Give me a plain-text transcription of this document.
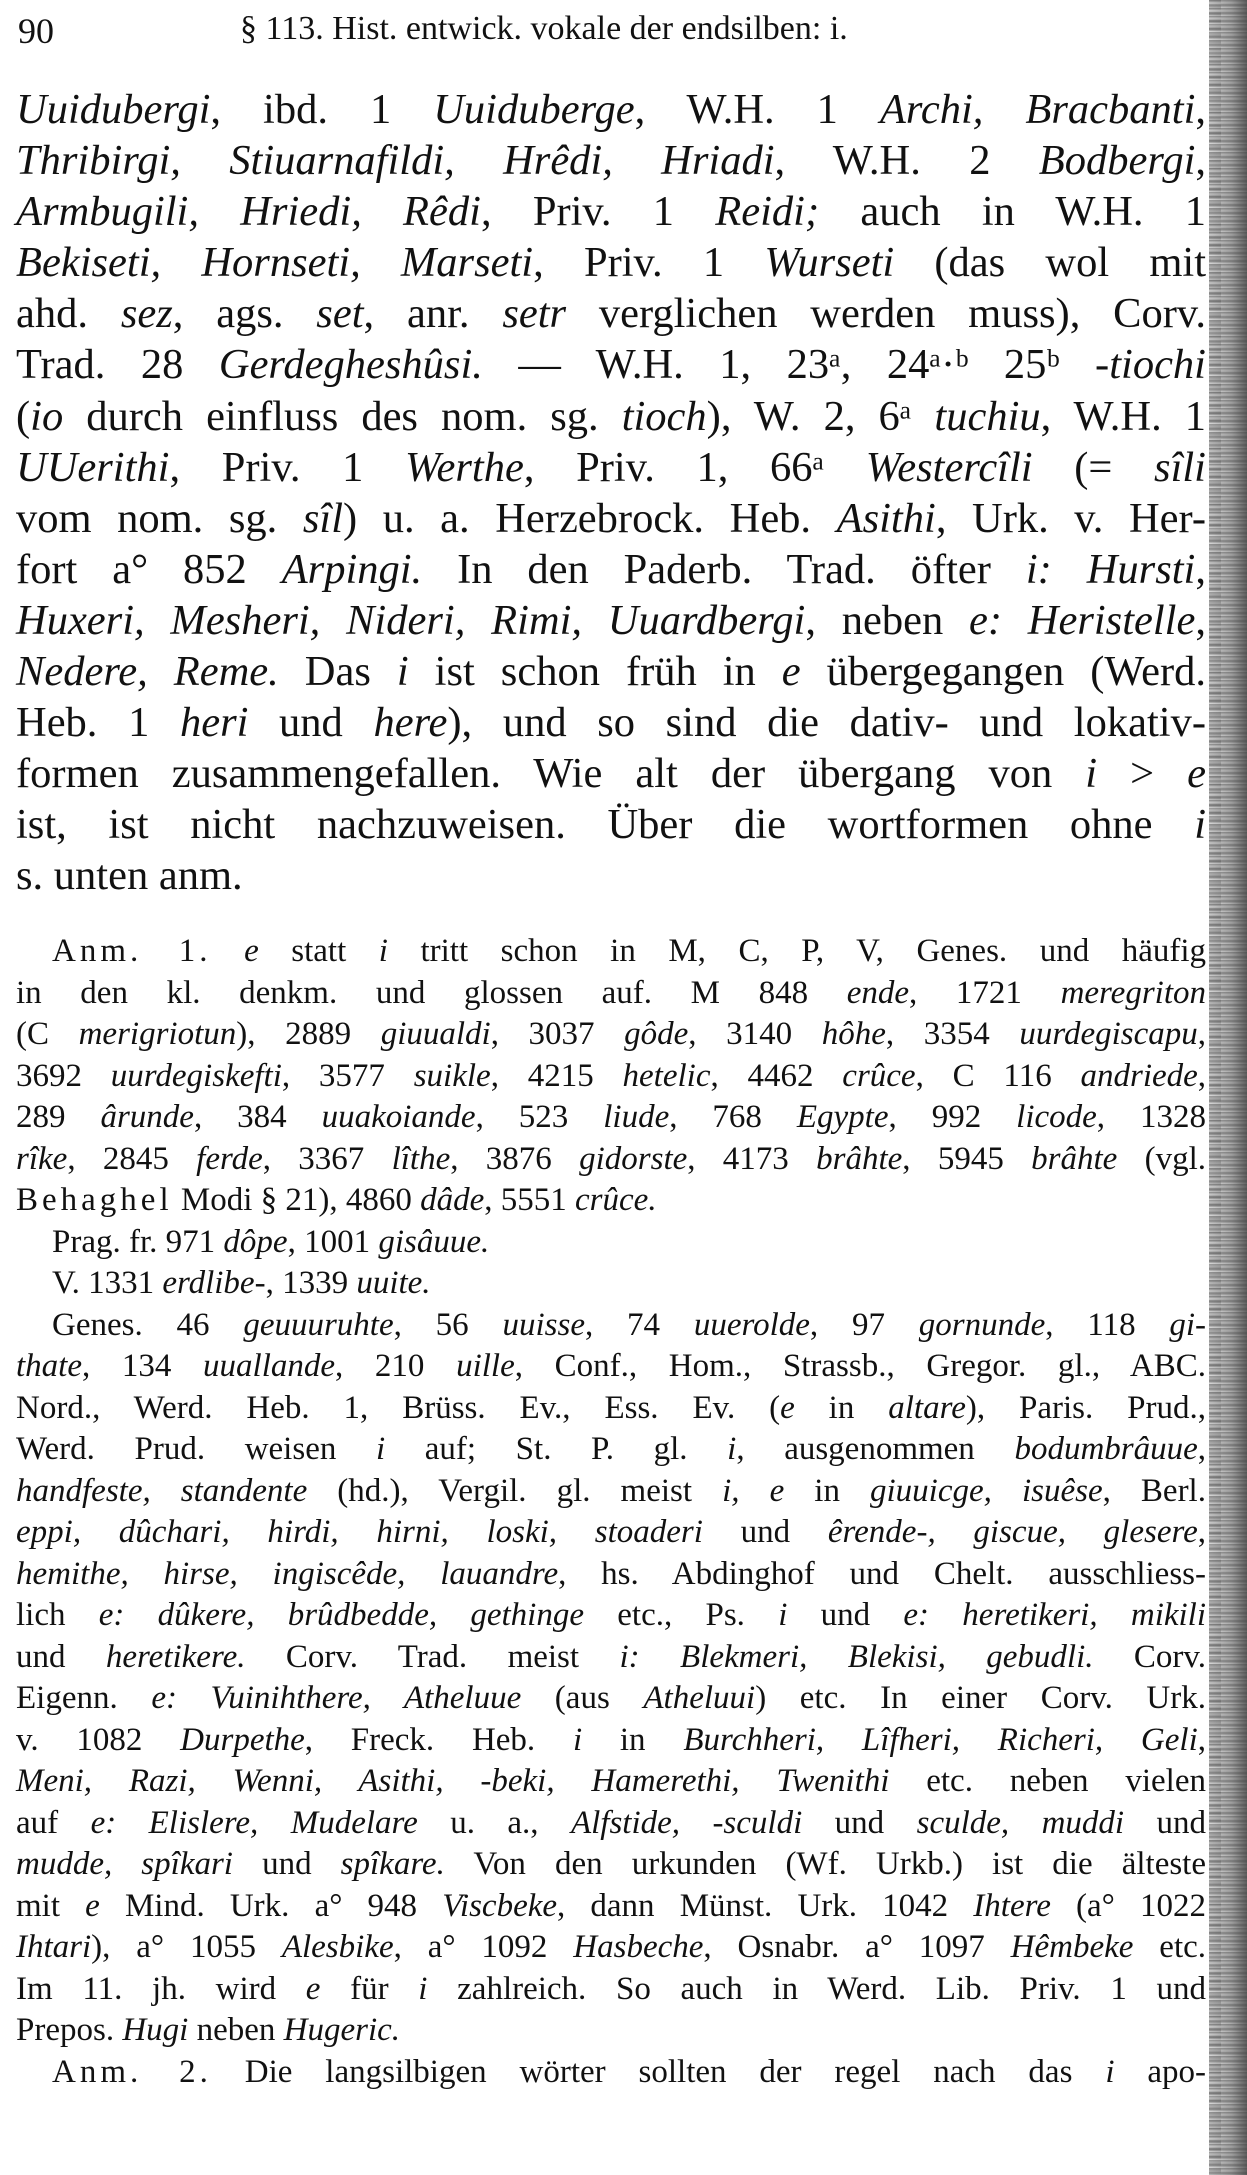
90	§ 113. Hist. entwick. vokale der endsilben: i.
Uuidubergi, ibd. 1 Uuiduberge, W.H. 1 Archi, Bracbanti,
Thribirgi, Stiuarnafildi, Hrêdi, Hriadi, W.H. 2 Bodbergi,
Armbugili, Hriedi, Rêdi, Priv. 1 Reidi; auch in W.H. 1
Bekiseti, Hornseti, Marseti, Priv. 1 Wurseti (das wol mit
ahd. sez, ags. set, anr. setr verglichen werden muss), Corv.
Trad. 28 Gerdegheshûsi. — W.H. 1, 23ᵃ, 24ᵃ·ᵇ 25ᵇ -tiochi
(io durch einfluss des nom. sg. tioch), W. 2, 6ᵃ tuchiu, W.H. 1
UUerithi, Priv. 1 Werthe, Priv. 1, 66ᵃ Westercîli (= sîli
vom nom. sg. sîl) u. a. Herzebrock. Heb. Asithi, Urk. v. Her-
fort a° 852 Arpingi. In den Paderb. Trad. öfter i: Hursti,
Huxeri, Mesheri, Nideri, Rimi, Uuardbergi, neben e: Heristelle,
Nedere, Reme. Das i ist schon früh in e übergegangen (Werd.
Heb. 1 heri und here), und so sind die dativ- und lokativ-
formen zusammengefallen. Wie alt der übergang von i > e
ist, ist nicht nachzuweisen. Über die wortformen ohne i
s. unten anm.
Anm. 1. e statt i tritt schon in M, C, P, V, Genes. und häufig
in den kl. denkm. und glossen auf. M 848 ende, 1721 meregriton
(C merigriotun), 2889 giuualdi, 3037 gôde, 3140 hôhe, 3354 uurdegiscapu,
3692 uurdegiskefti, 3577 suikle, 4215 hetelic, 4462 crûce, C 116 andriede,
289 ârunde, 384 uuakoiande, 523 liude, 768 Egypte, 992 licode, 1328
rîke, 2845 ferde, 3367 lîthe, 3876 gidorste, 4173 brâhte, 5945 brâhte (vgl.
Behaghel Modi § 21), 4860 dâde, 5551 crûce.
Prag. fr. 971 dôpe, 1001 gisâuue.
V. 1331 erdlibe-, 1339 uuite.
Genes. 46 geuuuruhte, 56 uuisse, 74 uuerolde, 97 gornunde, 118 gi-
thate, 134 uuallande, 210 uille, Conf., Hom., Strassb., Gregor. gl., ABC.
Nord., Werd. Heb. 1, Brüss. Ev., Ess. Ev. (e in altare), Paris. Prud.,
Werd. Prud. weisen i auf; St. P. gl. i, ausgenommen bodumbrâuue,
handfeste, standente (hd.), Vergil. gl. meist i, e in giuuicge, isuêse, Berl.
eppi, dûchari, hirdi, hirni, loski, stoaderi und êrende-, giscue, glesere,
hemithe, hirse, ingiscêde, lauandre, hs. Abdinghof und Chelt. ausschliess-
lich e: dûkere, brûdbedde, gethinge etc., Ps. i und e: heretikeri, mikili
und heretikere. Corv. Trad. meist i: Blekmeri, Blekisi, gebudli. Corv.
Eigenn. e: Vuinihthere, Atheluue (aus Atheluui) etc. In einer Corv. Urk.
v. 1082 Durpethe, Freck. Heb. i in Burchheri, Lîfheri, Richeri, Geli,
Meni, Razi, Wenni, Asithi, -beki, Hamerethi, Twenithi etc. neben vielen
auf e: Elislere, Mudelare u. a., Alfstide, -sculdi und sculde, muddi und
mudde, spîkari und spîkare. Von den urkunden (Wf. Urkb.) ist die älteste
mit e Mind. Urk. a° 948 Viscbeke, dann Münst. Urk. 1042 Ihtere (a° 1022
Ihtari), a° 1055 Alesbike, a° 1092 Hasbeche, Osnabr. a° 1097 Hêmbeke etc.
Im 11. jh. wird e für i zahlreich. So auch in Werd. Lib. Priv. 1 und
Prepos. Hugi neben Hugeric.
Anm. 2. Die langsilbigen wörter sollten der regel nach das i apo-
